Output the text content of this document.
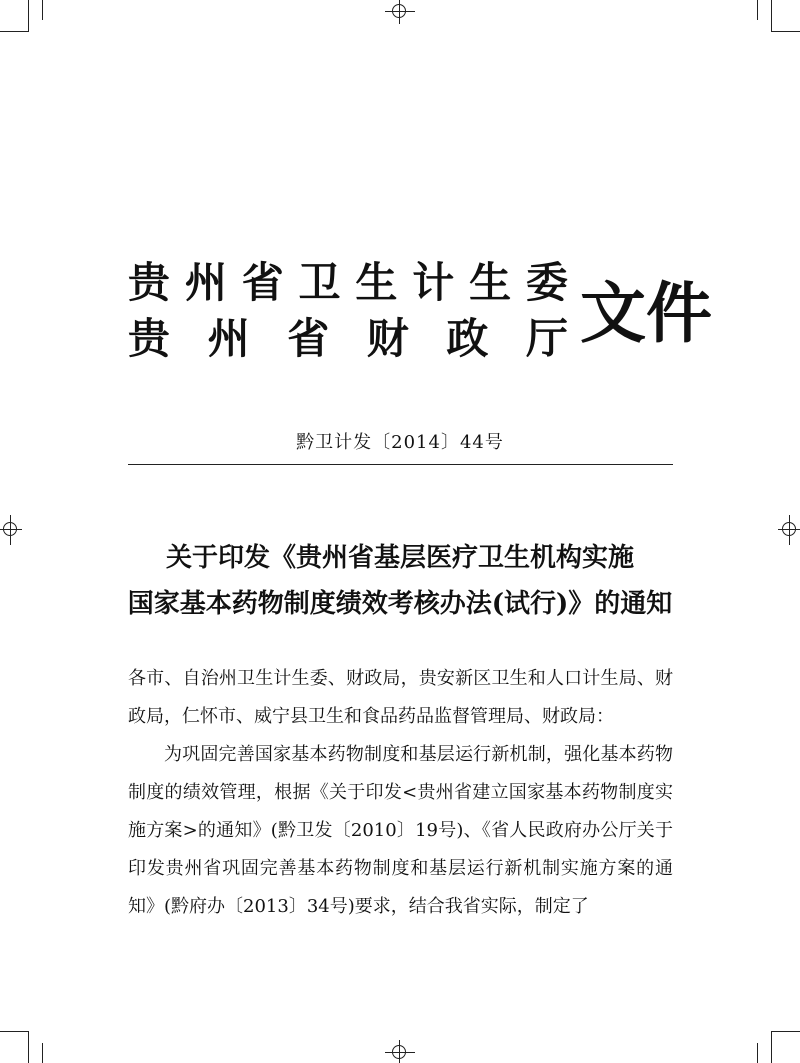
贵 州 省 卫 生 计 生 委
贵 州 省 财 政 厅 文件
黔卫计发〔2014〕44号
关于印发《贵州省基层医疗卫生机构实施
国家基本药物制度绩效考核办法(试行)》的通知

各市、自治州卫生计生委、财政局，贵安新区卫生和人口计生局、财政局，仁怀市、威宁县卫生和食品药品监督管理局、财政局：

为巩固完善国家基本药物制度和基层运行新机制，强化基本药物制度的绩效管理，根据《关于印发<贵州省建立国家基本药物制度实施方案>的通知》(黔卫发〔2010〕19号)、《省人民政府办公厅关于印发贵州省巩固完善基本药物制度和基层运行新机制实施方案的通知》(黔府办〔2013〕34号)要求，结合我省实际，制定了
